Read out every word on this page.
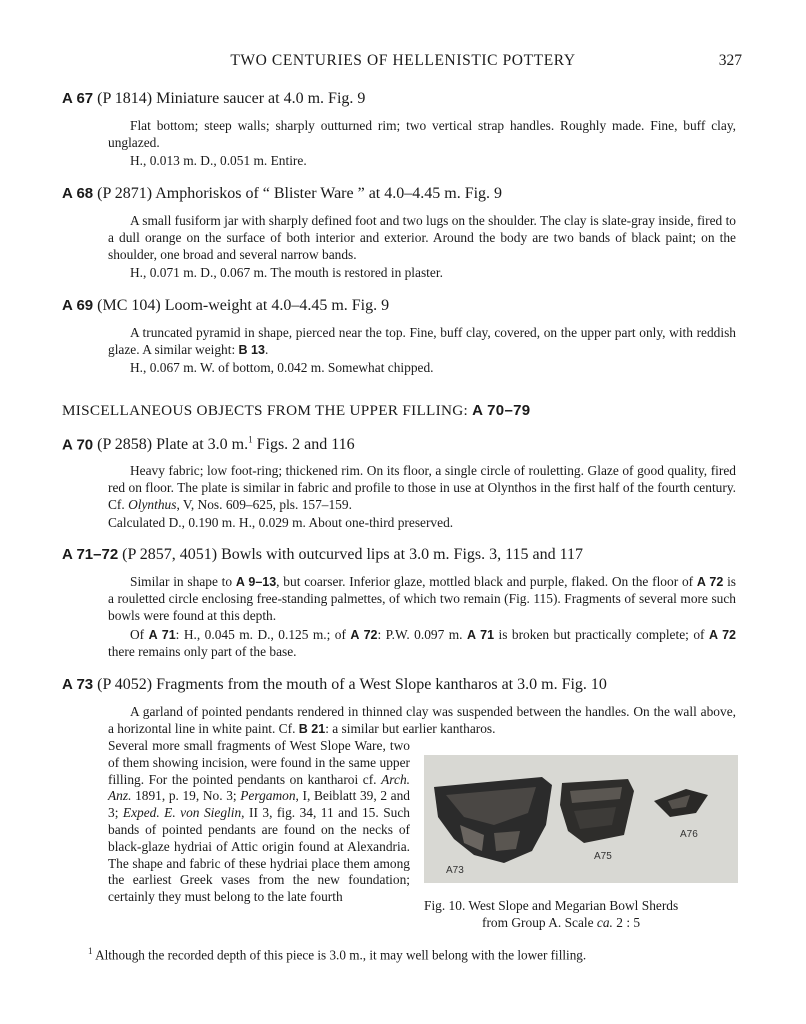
TWO CENTURIES OF HELLENISTIC POTTERY	327
A 67 (P 1814) Miniature saucer at 4.0 m. Fig. 9
Flat bottom; steep walls; sharply outturned rim; two vertical strap handles. Roughly made. Fine, buff clay, unglazed.
H., 0.013 m. D., 0.051 m. Entire.
A 68 (P 2871) Amphoriskos of “ Blister Ware ” at 4.0–4.45 m. Fig. 9
A small fusiform jar with sharply defined foot and two lugs on the shoulder. The clay is slate-gray inside, fired to a dull orange on the surface of both interior and exterior. Around the body are two bands of black paint; on the shoulder, one broad and several narrow bands.
H., 0.071 m. D., 0.067 m. The mouth is restored in plaster.
A 69 (MC 104) Loom-weight at 4.0–4.45 m. Fig. 9
A truncated pyramid in shape, pierced near the top. Fine, buff clay, covered, on the upper part only, with reddish glaze. A similar weight: B 13.
H., 0.067 m. W. of bottom, 0.042 m. Somewhat chipped.
MISCELLANEOUS OBJECTS FROM THE UPPER FILLING: A 70–79
A 70 (P 2858) Plate at 3.0 m.$^1$ Figs. 2 and 116
Heavy fabric; low foot-ring; thickened rim. On its floor, a single circle of rouletting. Glaze of good quality, fired red on floor. The plate is similar in fabric and profile to those in use at Olynthos in the first half of the fourth century. Cf. Olynthus, V, Nos. 609–625, pls. 157–159.
Calculated D., 0.190 m. H., 0.029 m. About one-third preserved.
A 71–72 (P 2857, 4051) Bowls with outcurved lips at 3.0 m. Figs. 3, 115 and 117
Similar in shape to A 9–13, but coarser. Inferior glaze, mottled black and purple, flaked. On the floor of A 72 is a rouletted circle enclosing free-standing palmettes, of which two remain (Fig. 115). Fragments of several more such bowls were found at this depth.
Of A 71: H., 0.045 m. D., 0.125 m.; of A 72: P.W. 0.097 m. A 71 is broken but practically complete; of A 72 there remains only part of the base.
A 73 (P 4052) Fragments from the mouth of a West Slope kantharos at 3.0 m. Fig. 10
A garland of pointed pendants rendered in thinned clay was suspended between the handles. On the wall above, a horizontal line in white paint. Cf. B 21: a similar but earlier kantharos.
Several more small fragments of West Slope Ware, two of them showing incision, were found in the same upper filling. For the pointed pendants on kantharoi cf. Arch. Anz. 1891, p. 19, No. 3; Pergamon, I, Beiblatt 39, 2 and 3; Exped. E. von Sieglin, II 3, fig. 34, 11 and 15. Such bands of pointed pendants are found on the necks of black-glaze hydriai of Attic origin found at Alexandria. The shape and fabric of these hydriai place them among the earliest Greek vases from the new foundation; certainly they must belong to the late fourth
A73
A75
A76
Fig. 10. West Slope and Megarian Bowl Sherds
from Group A. Scale ca. 2 : 5
$^1$ Although the recorded depth of this piece is 3.0 m., it may well belong with the lower filling.
